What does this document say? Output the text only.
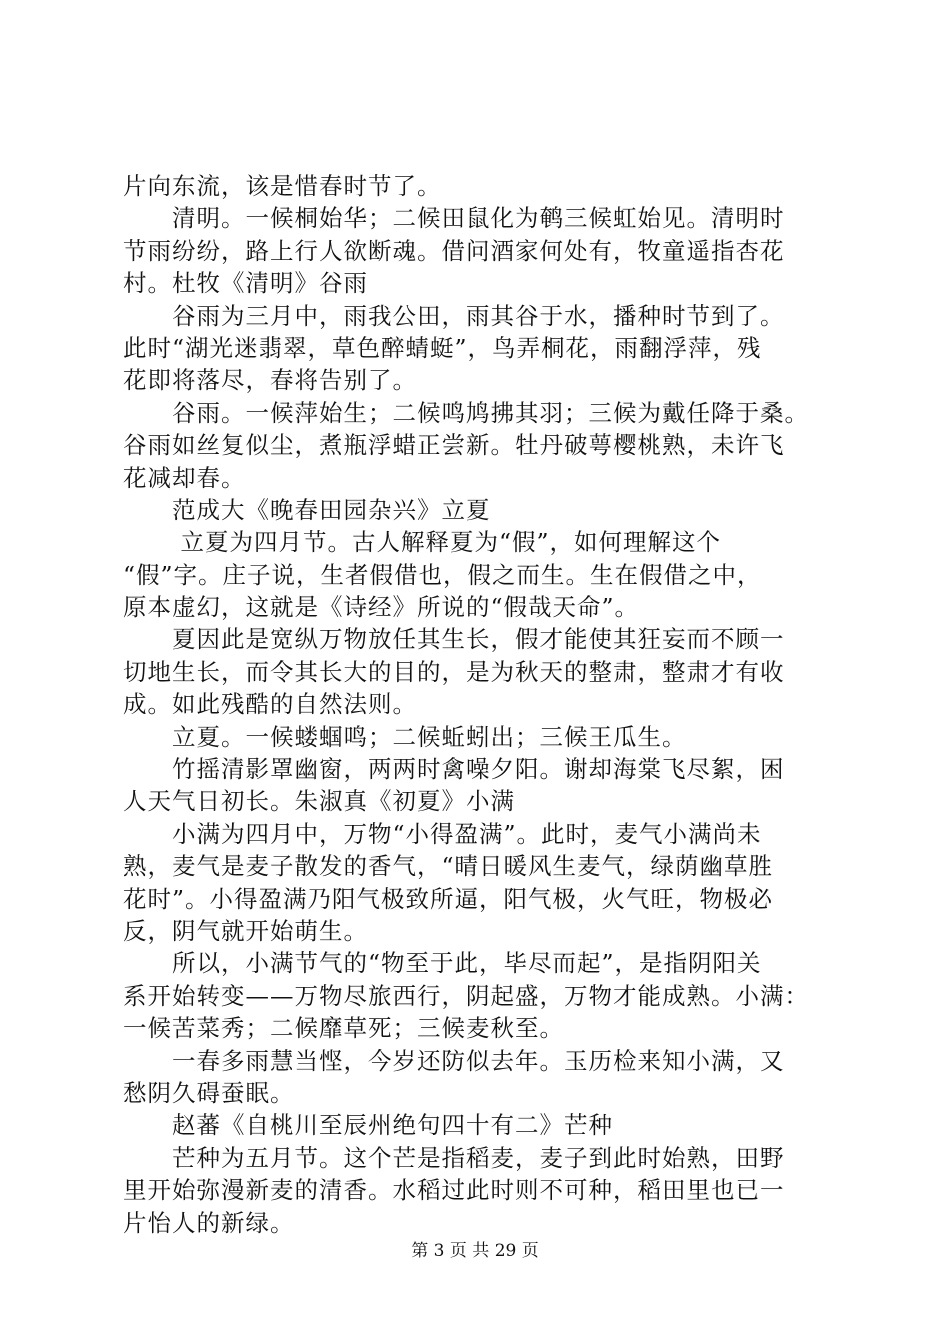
片向东流，该是惜春时节了。
　　清明。一候桐始华；二候田鼠化为鹌三候虹始见。清明时
节雨纷纷，路上行人欲断魂。借问酒家何处有，牧童遥指杏花
村。杜牧《清明》谷雨
　　谷雨为三月中，雨我公田，雨其谷于水，播种时节到了。
此时“湖光迷翡翠，草色醉蜻蜓”，鸟弄桐花，雨翻浮萍，残
花即将落尽，春将告别了。
　　谷雨。一候萍始生；二候鸣鸠拂其羽；三候为戴任降于桑。
谷雨如丝复似尘，煮瓶浮蜡正尝新。牡丹破萼樱桃熟，未许飞
花减却春。
　　范成大《晚春田园杂兴》立夏
　　 立夏为四月节。古人解释夏为“假”，如何理解这个
“假”字。庄子说，生者假借也，假之而生。生在假借之中，
原本虚幻，这就是《诗经》所说的“假哉天命”。
　　夏因此是宽纵万物放任其生长，假才能使其狂妄而不顾一
切地生长，而令其长大的目的，是为秋天的整肃，整肃才有收
成。如此残酷的自然法则。
　　立夏。一候蝼蝈鸣；二候蚯蚓出；三候王瓜生。
　　竹摇清影罩幽窗，两两时禽噪夕阳。谢却海棠飞尽絮，困
人天气日初长。朱淑真《初夏》小满
　　小满为四月中，万物“小得盈满”。此时，麦气小满尚未
熟，麦气是麦子散发的香气，“晴日暖风生麦气，绿荫幽草胜
花时”。小得盈满乃阳气极致所逼，阳气极，火气旺，物极必
反，阴气就开始萌生。
　　所以，小满节气的“物至于此，毕尽而起”，是指阴阳关
系开始转变——万物尽旅西行，阴起盛，万物才能成熟。小满：
一候苦菜秀；二候靡草死；三候麦秋至。
　　一春多雨慧当悭，今岁还防似去年。玉历检来知小满，又
愁阴久碍蚕眠。
　　赵蕃《自桃川至辰州绝句四十有二》芒种
　　芒种为五月节。这个芒是指稻麦，麦子到此时始熟，田野
里开始弥漫新麦的清香。水稻过此时则不可种，稻田里也已一
片怡人的新绿。
第 3 页 共 29 页
